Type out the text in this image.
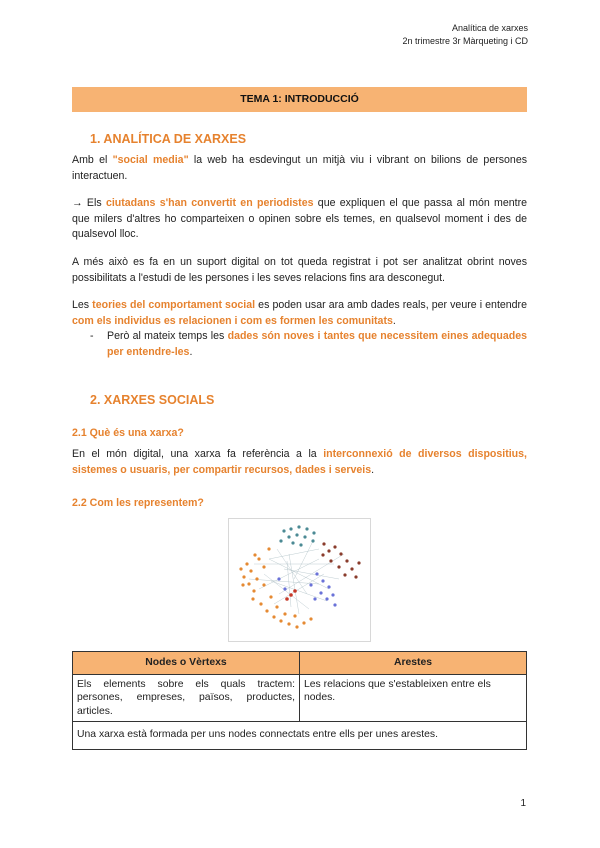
Analítica de xarxes
2n trimestre 3r Màrqueting i CD
TEMA 1: INTRODUCCIÓ
1. ANALÍTICA DE XARXES
Amb el "social media" la web ha esdevingut un mitjà viu i vibrant on bilions de persones interactuen.
→ Els ciutadans s'han convertit en periodistes que expliquen el que passa al món mentre que milers d'altres ho comparteixen o opinen sobre els temes, en qualsevol moment i des de qualsevol lloc.
A més això es fa en un suport digital on tot queda registrat i pot ser analitzat obrint noves possibilitats a l'estudi de les persones i les seves relacions fins ara desconegut.
Les teories del comportament social es poden usar ara amb dades reals, per veure i entendre com els individus es relacionen i com es formen les comunitats.
- Però al mateix temps les dades són noves i tantes que necessitem eines adequades per entendre-les.
2. XARXES SOCIALS
2.1 Què és una xarxa?
En el món digital, una xarxa fa referència a la interconnexió de diversos dispositius, sistemes o usuaris, per compartir recursos, dades i serveis.
2.2 Com les representem?
Nodes o Vèrtexs	Arestes
Els elements sobre els quals tractem: persones, empreses, països, productes, articles.	Les relacions que s'estableixen entre els nodes.
Una xarxa està formada per uns nodes connectats entre ells per unes arestes.	
1
